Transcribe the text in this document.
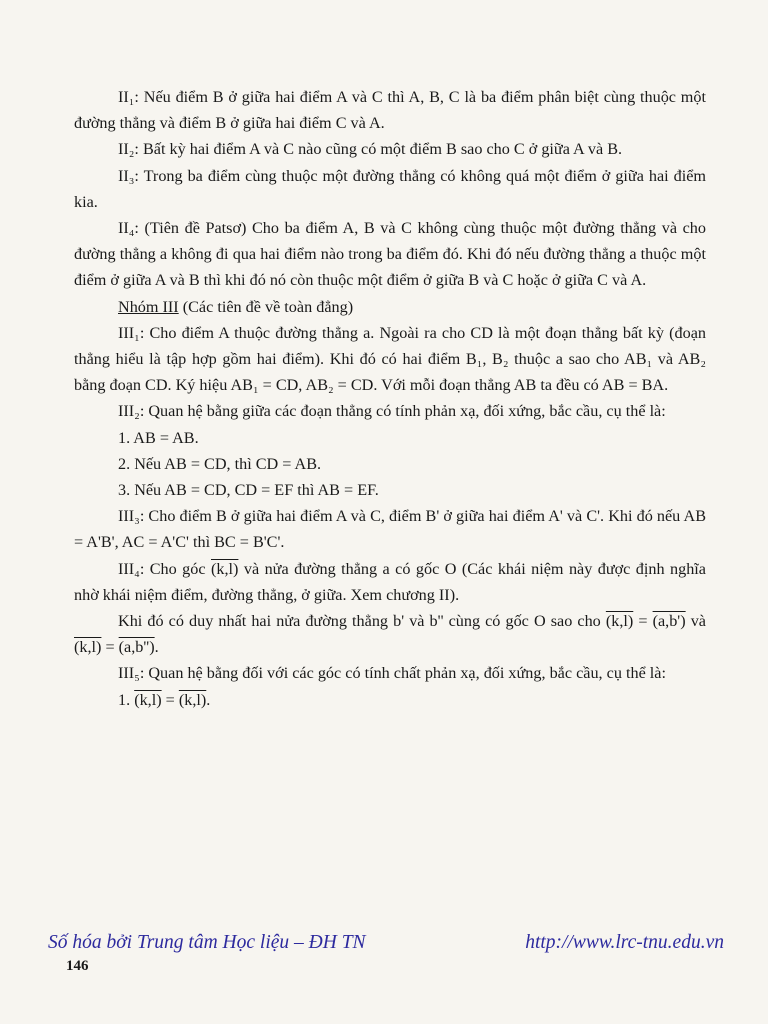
II₁: Nếu điểm B ở giữa hai điểm A và C thì A, B, C là ba điểm phân biệt cùng thuộc một đường thẳng và điểm B ở giữa hai điểm C và A.

II₂: Bất kỳ hai điểm A và C nào cũng có một điểm B sao cho C ở giữa A và B.

II₃: Trong ba điểm cùng thuộc một đường thẳng có không quá một điểm ở giữa hai điểm kia.

II₄: (Tiên đề Patsơ) Cho ba điểm A, B và C không cùng thuộc một đường thẳng và cho đường thẳng a không đi qua hai điểm nào trong ba điểm đó. Khi đó nếu đường thẳng a thuộc một điểm ở giữa A và B thì khi đó nó còn thuộc một điểm ở giữa B và C hoặc ở giữa C và A.

Nhóm III (Các tiên đề về toàn đẳng)

III₁: Cho điểm A thuộc đường thẳng a. Ngoài ra cho CD là một đoạn thẳng bất kỳ (đoạn thẳng hiểu là tập hợp gồm hai điểm). Khi đó có hai điểm B₁, B₂ thuộc a sao cho AB₁ và AB₂ bằng đoạn CD. Ký hiệu AB₁ = CD, AB₂ = CD. Với mỗi đoạn thẳng AB ta đều có AB = BA.

III₂: Quan hệ bằng giữa các đoạn thẳng có tính phản xạ, đối xứng, bắc cầu, cụ thể là:

1. AB = AB.

2. Nếu AB = CD, thì CD = AB.

3. Nếu AB = CD, CD = EF thì AB = EF.

III₃: Cho điểm B ở giữa hai điểm A và C, điểm B' ở giữa hai điểm A' và C'. Khi đó nếu AB = A'B', AC = A'C' thì BC = B'C'.

III₄: Cho góc (k,l) và nửa đường thẳng a có gốc O (Các khái niệm này được định nghĩa nhờ khái niệm điểm, đường thẳng, ở giữa. Xem chương II).

Khi đó có duy nhất hai nửa đường thẳng b' và b'' cùng có gốc O sao cho (k,l) = (a,b') và (k,l) = (a,b'').

III₅: Quan hệ bằng đối với các góc có tính chất phản xạ, đối xứng, bắc cầu, cụ thể là:

1. (k,l) = (k,l).

Số hóa bởi Trung tâm Học liệu – ĐH TN	http://www.lrc-tnu.edu.vn
146
